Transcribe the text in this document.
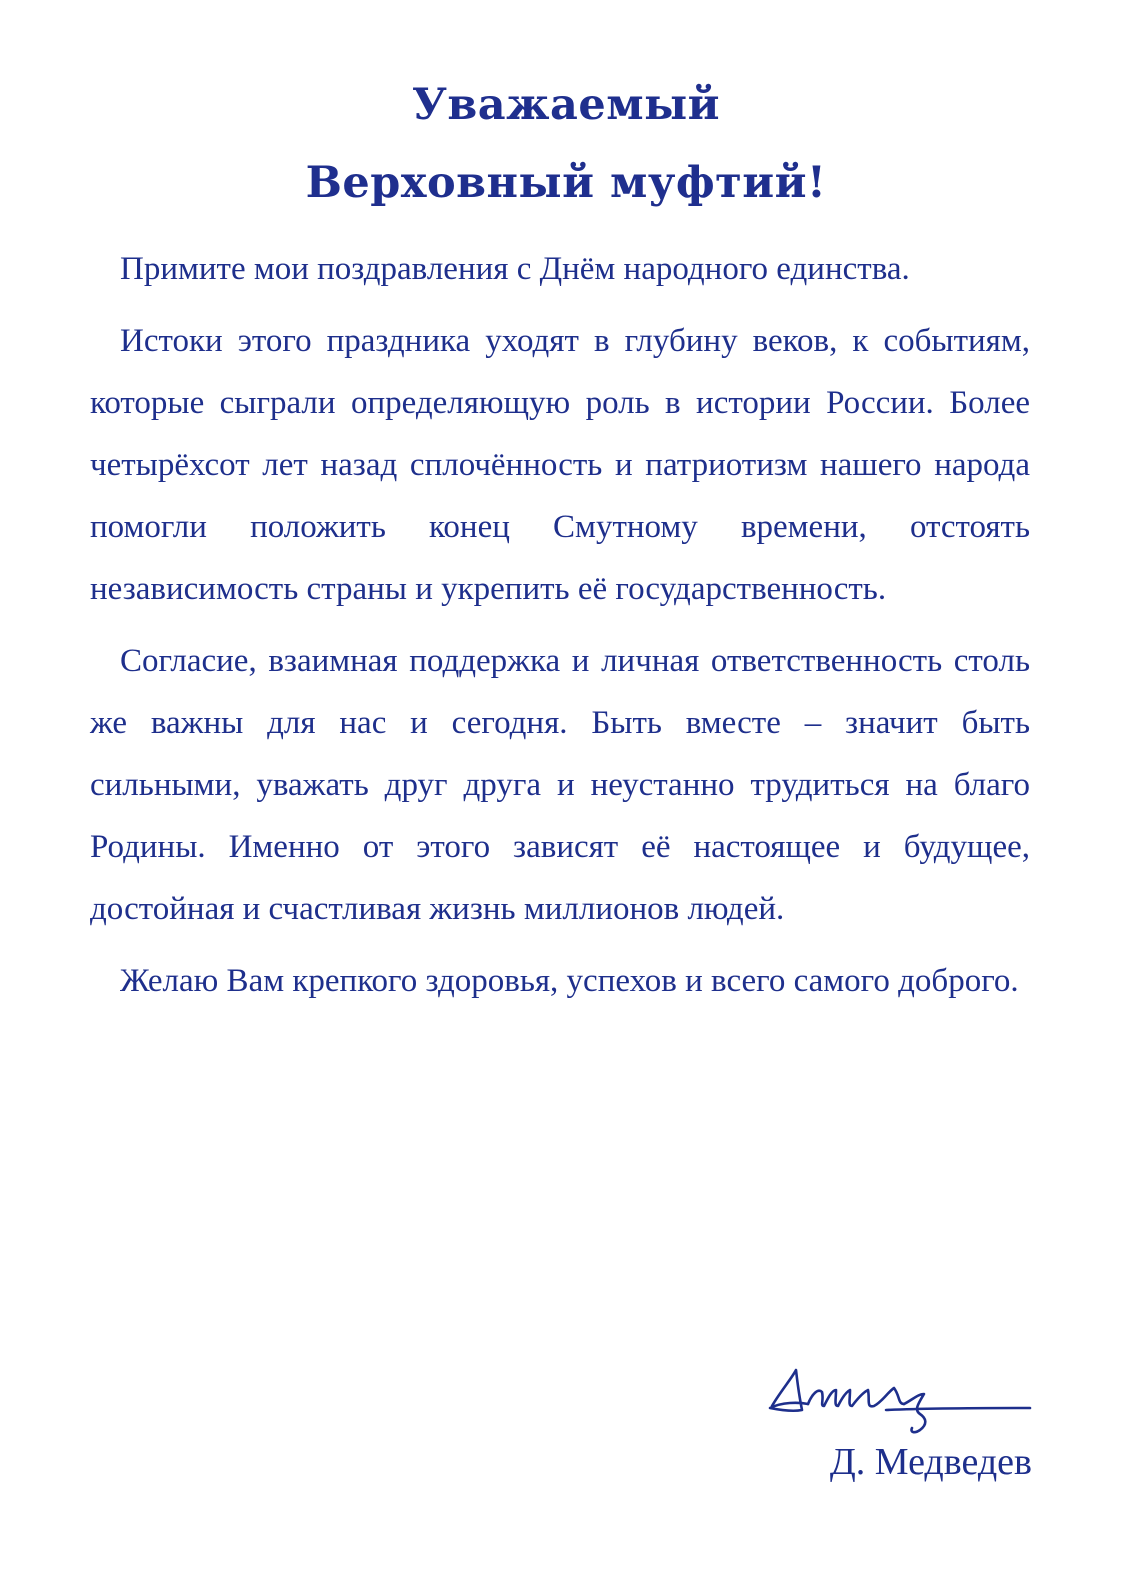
Уважаемый
Верховный муфтий!

Примите мои поздравления с Днём народного единства.

Истоки этого праздника уходят в глубину веков, к событиям, которые сыграли определяющую роль в истории России. Более четырёхсот лет назад сплочённость и патриотизм нашего народа помогли положить конец Смутному времени, отстоять независимость страны и укрепить её государственность.

Согласие, взаимная поддержка и личная ответственность столь же важны для нас и сегодня. Быть вместе – значит быть сильными, уважать друг друга и неустанно трудиться на благо Родины. Именно от этого зависят её настоящее и будущее, достойная и счастливая жизнь миллионов людей.

Желаю Вам крепкого здоровья, успехов и всего самого доброго.

Д. Медведев
